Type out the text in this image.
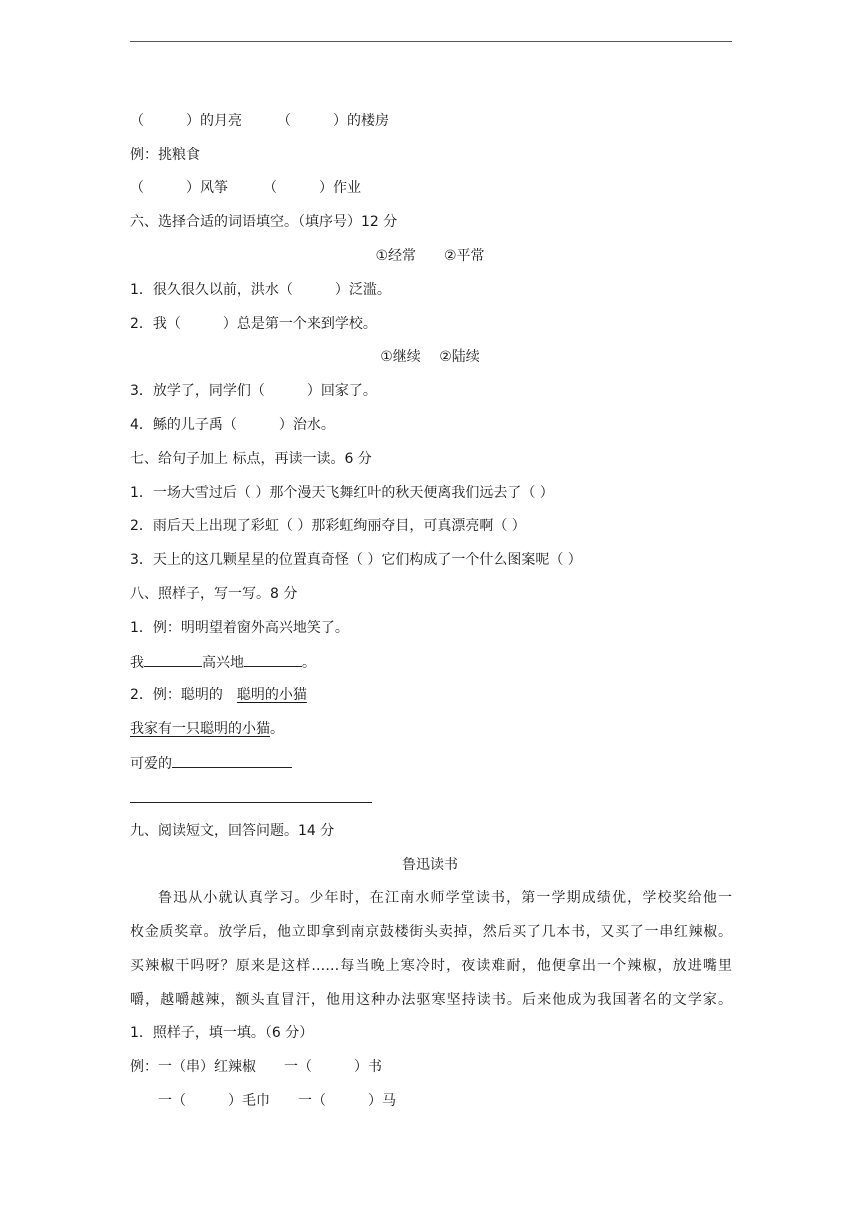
（　　　）的月亮　　　（　　　）的楼房
例：挑粮食
（　　　）风筝　　　（　　　）作业
六、选择合适的词语填空。（填序号）12 分
①经常　　②平常
1．很久很久以前，洪水（　　　）泛滥。
2．我（　　　）总是第一个来到学校。
①继续　 ②陆续
3．放学了，同学们（　　　）回家了。
4．鲧的儿子禹（　　　）治水。
七、给句子加上 标点，再读一读。6 分
1．一场大雪过后（ ）那个漫天飞舞红叶的秋天便离我们远去了（ ）
2．雨后天上出现了彩虹（ ）那彩虹绚丽夺目，可真漂亮啊（ ）
3．天上的这几颗星星的位置真奇怪（ ）它们构成了一个什么图案呢（ ）
八、照样子，写一写。8 分
1．例：明明望着窗外高兴地笑了。
我	高兴地	。
2．例：聪明的　聪明的小猫
我家有一只聪明的小猫。
可爱的
九、阅读短文，回答问题。14 分
鲁迅读书
鲁迅从小就认真学习。少年时，在江南水师学堂读书，第一学期成绩优，学校奖给他一
枚金质奖章。放学后，他立即拿到南京鼓楼街头卖掉，然后买了几本书，又买了一串红辣椒。
买辣椒干吗呀？原来是这样……每当晚上寒冷时，夜读难耐，他便拿出一个辣椒，放进嘴里
嚼，越嚼越辣，额头直冒汗，他用这种办法驱寒坚持读书。后来他成为我国著名的文学家。
1．照样子，填一填。（6 分）
例：一（串）红辣椒　　一（　　　）书
一（　　　）毛巾　　一（　　　）马
